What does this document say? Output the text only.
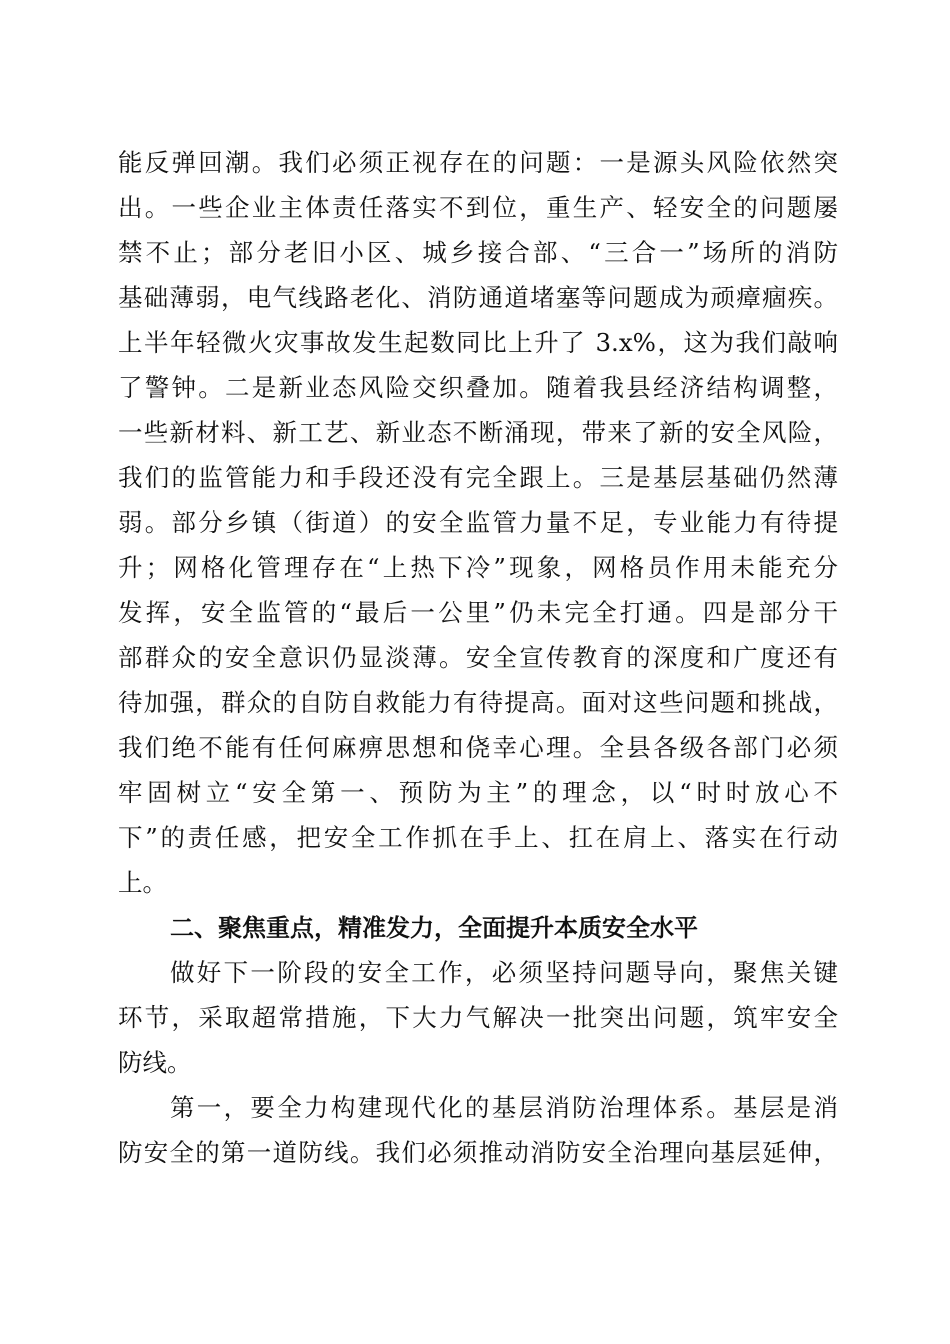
能反弹回潮。我们必须正视存在的问题：一是源头风险依然突

出。一些企业主体责任落实不到位，重生产、轻安全的问题屡

禁不止；部分老旧小区、城乡接合部、“三合一”场所的消防

基础薄弱，电气线路老化、消防通道堵塞等问题成为顽瘴痼疾。

上半年轻微火灾事故发生起数同比上升了 3.x%，这为我们敲响

了警钟。二是新业态风险交织叠加。随着我县经济结构调整，

一些新材料、新工艺、新业态不断涌现，带来了新的安全风险，

我们的监管能力和手段还没有完全跟上。三是基层基础仍然薄

弱。部分乡镇（街道）的安全监管力量不足，专业能力有待提

升；网格化管理存在“上热下冷”现象，网格员作用未能充分

发挥，安全监管的“最后一公里”仍未完全打通。四是部分干

部群众的安全意识仍显淡薄。安全宣传教育的深度和广度还有

待加强，群众的自防自救能力有待提高。面对这些问题和挑战，

我们绝不能有任何麻痹思想和侥幸心理。全县各级各部门必须

牢固树立“安全第一、预防为主”的理念，以“时时放心不

下”的责任感，把安全工作抓在手上、扛在肩上、落实在行动

上。

二、聚焦重点，精准发力，全面提升本质安全水平

做好下一阶段的安全工作，必须坚持问题导向，聚焦关键

环节，采取超常措施，下大力气解决一批突出问题，筑牢安全

防线。

第一，要全力构建现代化的基层消防治理体系。基层是消

防安全的第一道防线。我们必须推动消防安全治理向基层延伸，
